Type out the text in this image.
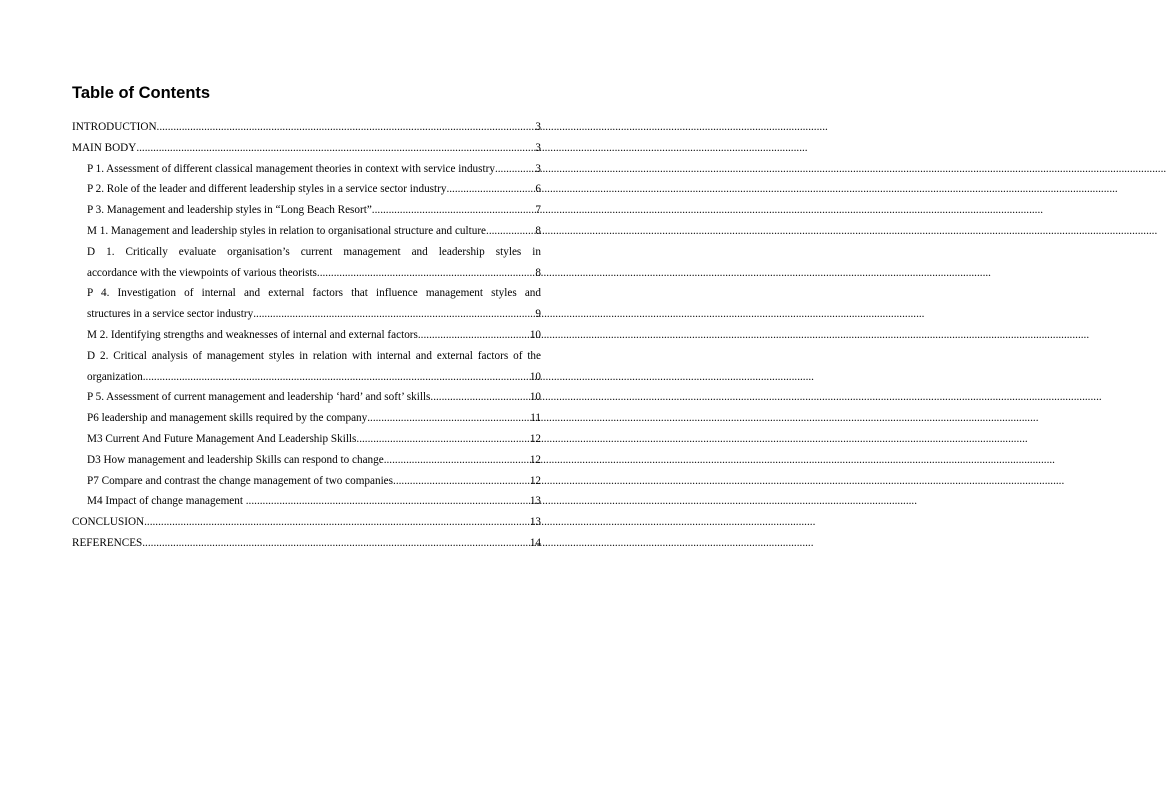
Table of Contents
INTRODUCTION .....	3
MAIN BODY .....	3
P 1. Assessment of different classical management theories in context with service industry .....	3
P 2. Role of the leader and different leadership styles in a service sector industry .....	6
P 3. Management and leadership styles in “Long Beach Resort” .....	7
M 1. Management and leadership styles in relation to organisational structure and culture .....	8
D 1. Critically evaluate organisation’s current management and leadership styles in
accordance with the viewpoints of various theorists. .....	8
P 4. Investigation of internal and external factors that influence management styles and
structures in a service sector industry .....	9
M 2. Identifying strengths and weaknesses of internal and external factors .....	10
D 2. Critical analysis of management styles in relation with internal and external factors of the
organization .....	10
P 5. Assessment of current management and leadership ‘hard’ and soft’ skills .....	10
P6 leadership and management skills required by the company .....	11
M3 Current And Future Management And Leadership Skills .....	12
D3 How management and leadership Skills can respond to change .....	12
P7 Compare and contrast the change management of two companies .....	12
M4 Impact of change management .....	13
CONCLUSION .....	13
REFERENCES .....	14
